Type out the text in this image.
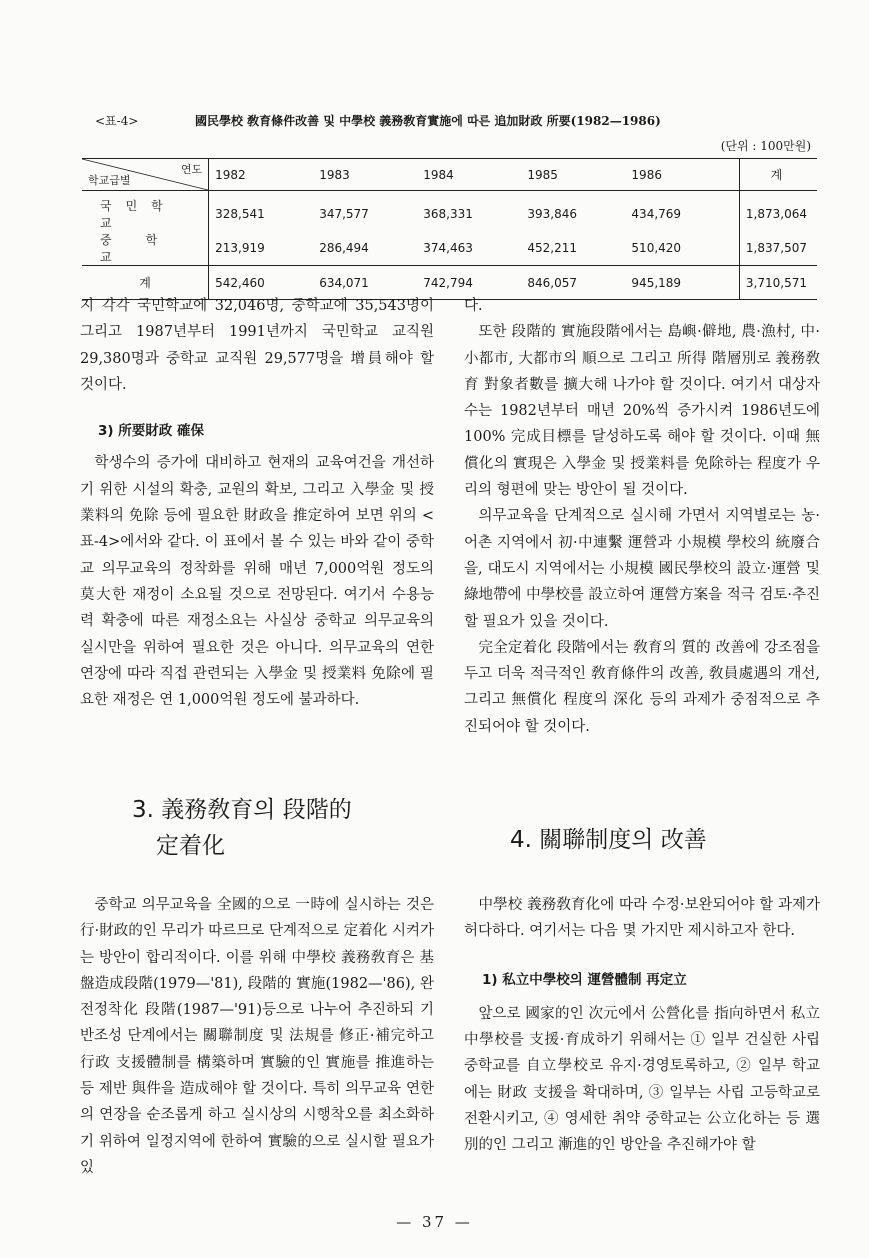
<표-4>	國民學校 敎育條件改善 및 中學校 義務敎育實施에 따른 追加財政 所要(1982—1986)
(단위 : 100만원)
연도
학교급별	1982	1983	1984	1985	1986	계
국민학교	328,541	347,577	368,331	393,846	434,769	1,873,064
중학교	213,919	286,494	374,463	452,211	510,420	1,837,507
계	542,460	634,071	742,794	846,057	945,189	3,710,571

지 각각 국민학교에 32,046명, 중학교에 35,543명이 그리고 1987년부터 1991년까지 국민학교 교직원 29,380명과 중학교 교직원 29,577명을 增員해야 할 것이다.

3) 所要財政 確保

학생수의 증가에 대비하고 현재의 교육여건을 개선하기 위한 시설의 확충, 교원의 확보, 그리고 入學金 및 授業料의 免除 등에 필요한 財政을 推定하여 보면 위의 <표-4>에서와 같다. 이 표에서 볼 수 있는 바와 같이 중학교 의무교육의 정착화를 위해 매년 7,000억원 정도의 莫大한 재정이 소요될 것으로 전망된다. 여기서 수용능력 확충에 따른 재정소요는 사실상 중학교 의무교육의 실시만을 위하여 필요한 것은 아니다. 의무교육의 연한 연장에 따라 직접 관련되는 入學金 및 授業料 免除에 필요한 재정은 연 1,000억원 정도에 불과하다.

3. 義務敎育의 段階的
定着化

중학교 의무교육을 全國的으로 一時에 실시하는 것은 行·財政的인 무리가 따르므로 단계적으로 定着化 시켜가는 방안이 합리적이다. 이를 위해 中學校 義務敎育은 基盤造成段階(1979—'81), 段階的 實施(1982—'86), 완전정착化 段階(1987—'91)등으로 나누어 추진하되 기반조성 단계에서는 關聯制度 및 法規를 修正·補完하고 行政 支援體制를 構築하며 實驗的인 實施를 推進하는 등 제반 與件을 造成해야 할 것이다. 특히 의무교육 연한의 연장을 순조롭게 하고 실시상의 시행착오를 최소화하기 위하여 일정지역에 한하여 實驗的으로 실시할 필요가 있

다.

또한 段階的 實施段階에서는 島嶼·僻地, 農·漁村, 中·小都市, 大都市의 順으로 그리고 所得 階層別로 義務敎育 對象者數를 擴大해 나가야 할 것이다. 여기서 대상자수는 1982년부터 매년 20%씩 증가시켜 1986년도에 100% 完成目標를 달성하도록 해야 할 것이다. 이때 無償化의 實現은 入學金 및 授業料를 免除하는 程度가 우리의 형편에 맞는 방안이 될 것이다.

의무교육을 단계적으로 실시해 가면서 지역별로는 농·어촌 지역에서 初·中連繫 運營과 小規模 學校의 統廢合을, 대도시 지역에서는 小規模 國民學校의 設立·運營 및 綠地帶에 中學校를 設立하여 運營方案을 적극 검토·추진할 필요가 있을 것이다.

完全定着化 段階에서는 敎育의 質的 改善에 강조점을 두고 더욱 적극적인 敎育條件의 改善, 敎員處遇의 개선, 그리고 無償化 程度의 深化 등의 과제가 중점적으로 추진되어야 할 것이다.

4. 關聯制度의 改善

中學校 義務敎育化에 따라 수정·보완되어야 할 과제가 허다하다. 여기서는 다음 몇 가지만 제시하고자 한다.

1) 私立中學校의 運營體制 再定立

앞으로 國家的인 次元에서 公營化를 指向하면서 私立中學校를 支援·育成하기 위해서는 ① 일부 건실한 사립 중학교를 自立學校로 유지·경영토록하고, ② 일부 학교에는 財政 支援을 확대하며, ③ 일부는 사립 고등학교로 전환시키고, ④ 영세한 취약 중학교는 公立化하는 등 選別的인 그리고 漸進的인 방안을 추진해가야 할

— 37 —
